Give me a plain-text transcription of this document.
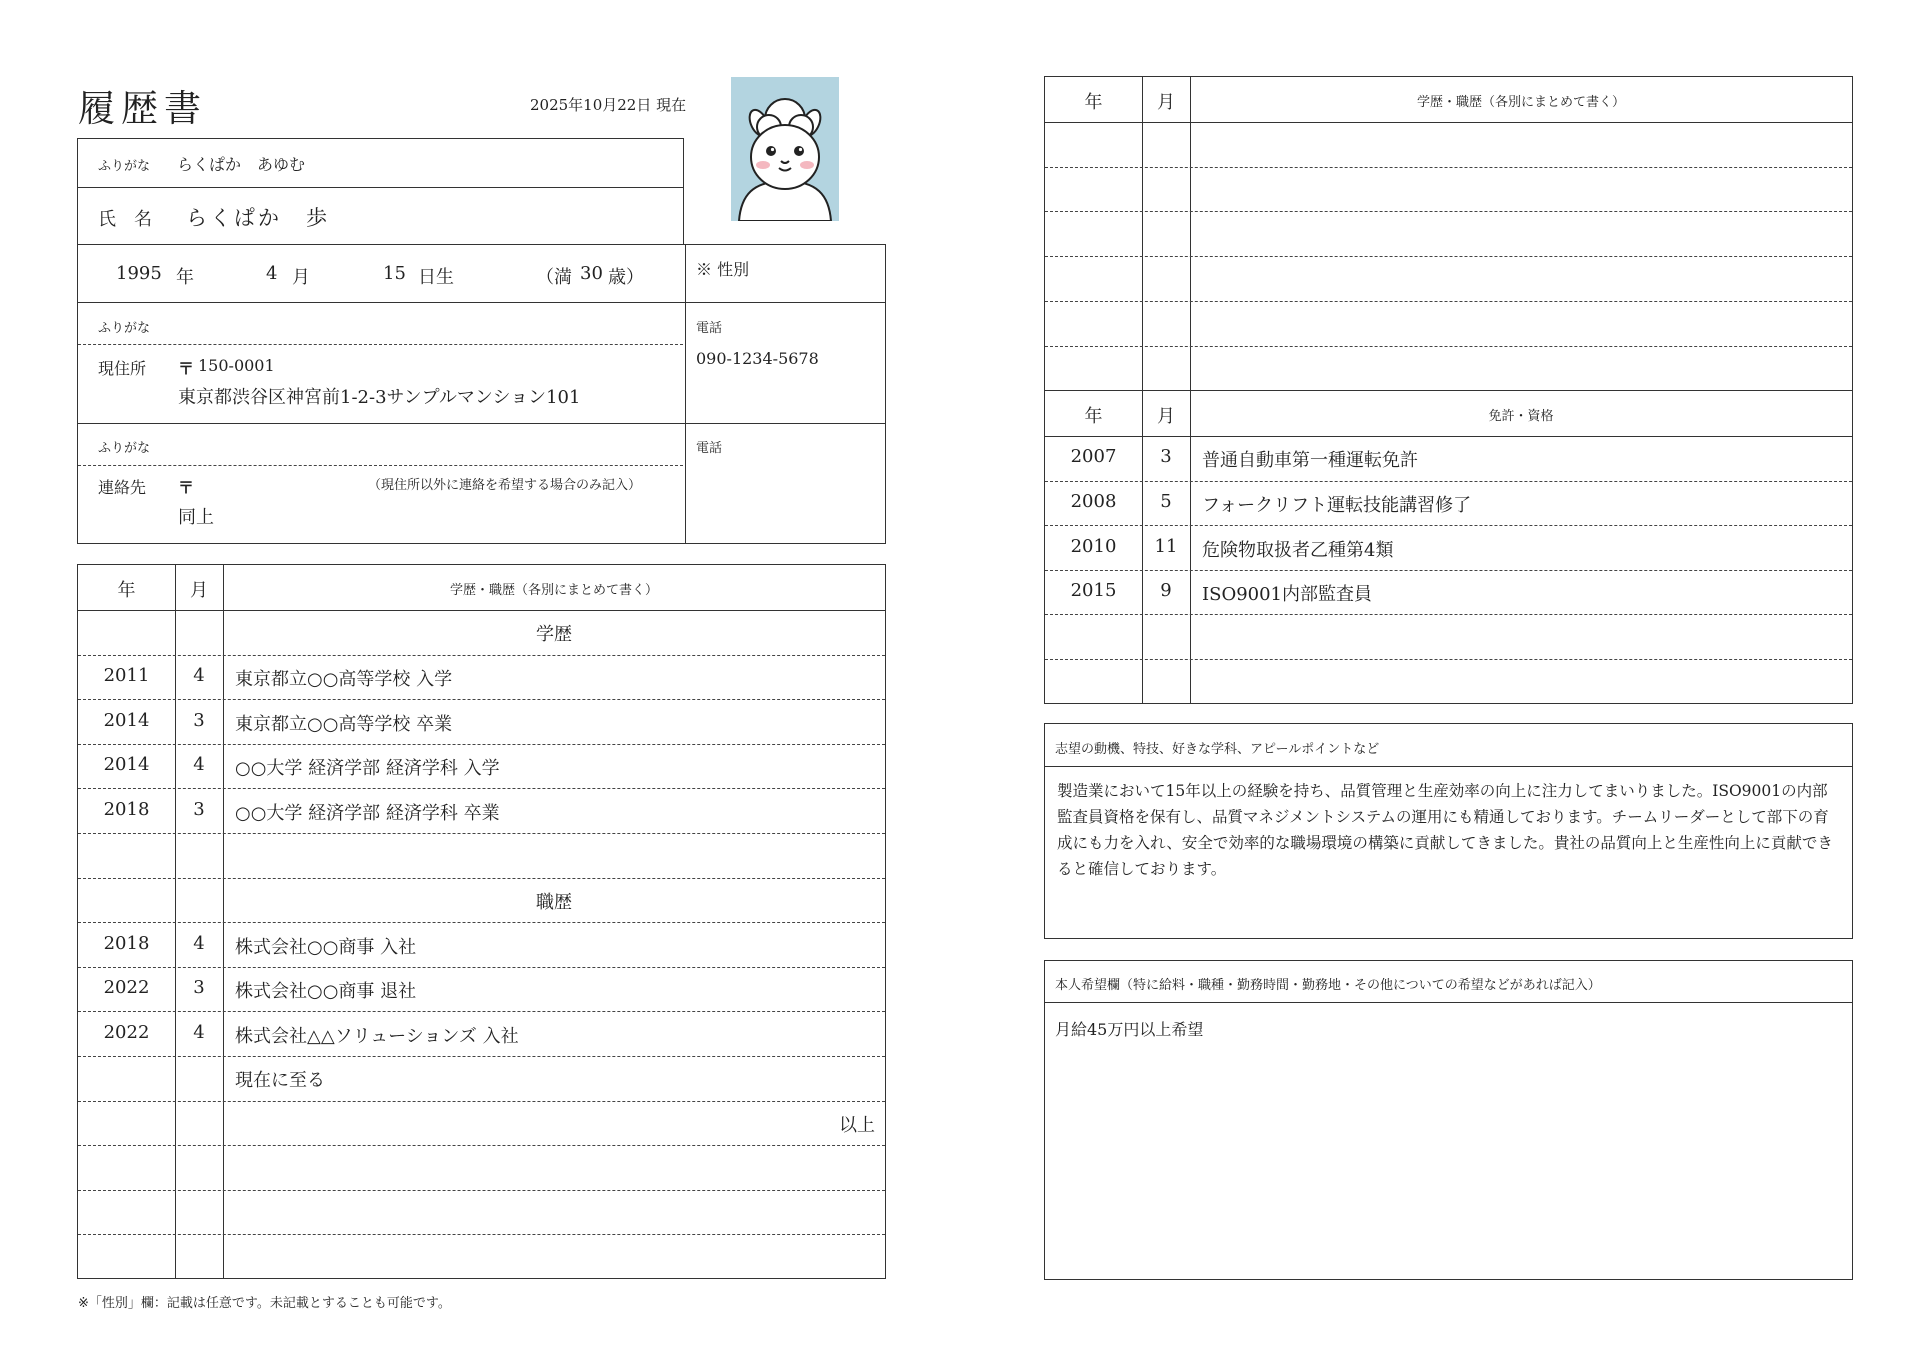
履歴書	2025年10月22日 現在
ふりがな らくぱか　あゆむ
氏　名 らくぱか　歩
1995 年	4 月	15 日生	（満 30 歳）	※ 性別
ふりがな	電話
現住所 〒 150-0001
東京都渋谷区神宮前1-2-3サンプルマンション101
090-1234-5678
ふりがな	電話
連絡先 〒	（現住所以外に連絡を希望する場合のみ記入）
同上
年	月	学歴・職歴（各別にまとめて書く）
学歴
2011	4	東京都立○○高等学校 入学
2014	3	東京都立○○高等学校 卒業
2014	4	○○大学 経済学部 経済学科 入学
2018	3	○○大学 経済学部 経済学科 卒業
職歴
2018	4	株式会社○○商事 入社
2022	3	株式会社○○商事 退社
2022	4	株式会社△△ソリューションズ 入社
現在に至る
以上
年	月	学歴・職歴（各別にまとめて書く）
年	月	免許・資格
2007	3	普通自動車第一種運転免許
2008	5	フォークリフト運転技能講習修了
2010	11	危険物取扱者乙種第4類
2015	9	ISO9001内部監査員
志望の動機、特技、好きな学科、アピールポイントなど
製造業において15年以上の経験を持ち、品質管理と生産効率の向上に注力してまいりました。ISO9001の内部監査員資格を保有し、品質マネジメントシステムの運用にも精通しております。チームリーダーとして部下の育成にも力を入れ、安全で効率的な職場環境の構築に貢献してきました。貴社の品質向上と生産性向上に貢献できると確信しております。
本人希望欄（特に給料・職種・勤務時間・勤務地・その他についての希望などがあれば記入）
月給45万円以上希望
※「性別」欄：記載は任意です。未記載とすることも可能です。
